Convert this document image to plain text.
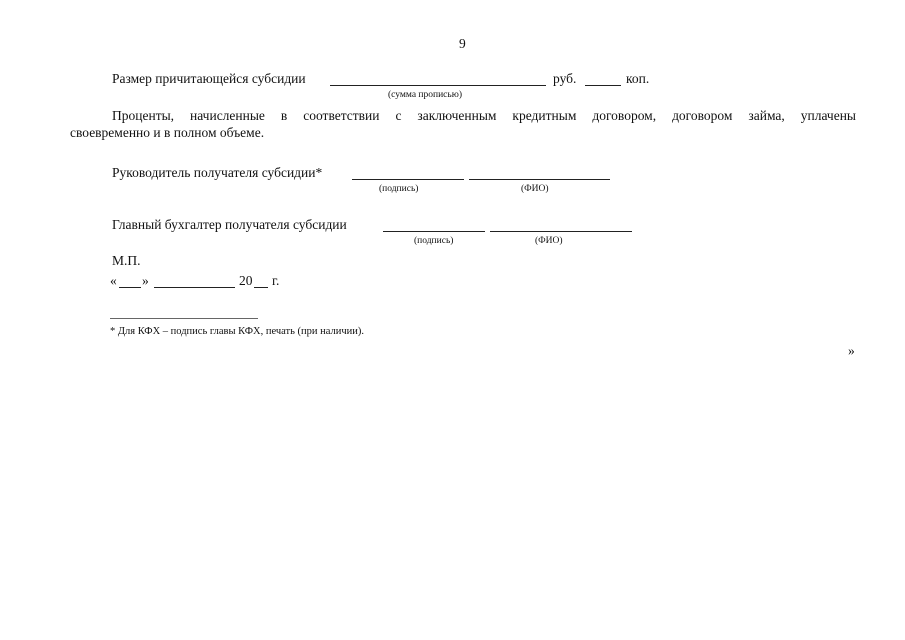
9
Размер причитающейся субсидии	руб.	коп.
(сумма прописью)
Проценты, начисленные в соответствии с заключенным кредитным договором, договором займа, уплачены
своевременно и в полном объеме.
Руководитель получателя субсидии*
(подпись)	(ФИО)
Главный бухгалтер получателя субсидии
(подпись)	(ФИО)
М.П.
« »	20 г.
* Для КФХ – подпись главы КФХ, печать (при наличии).
»
